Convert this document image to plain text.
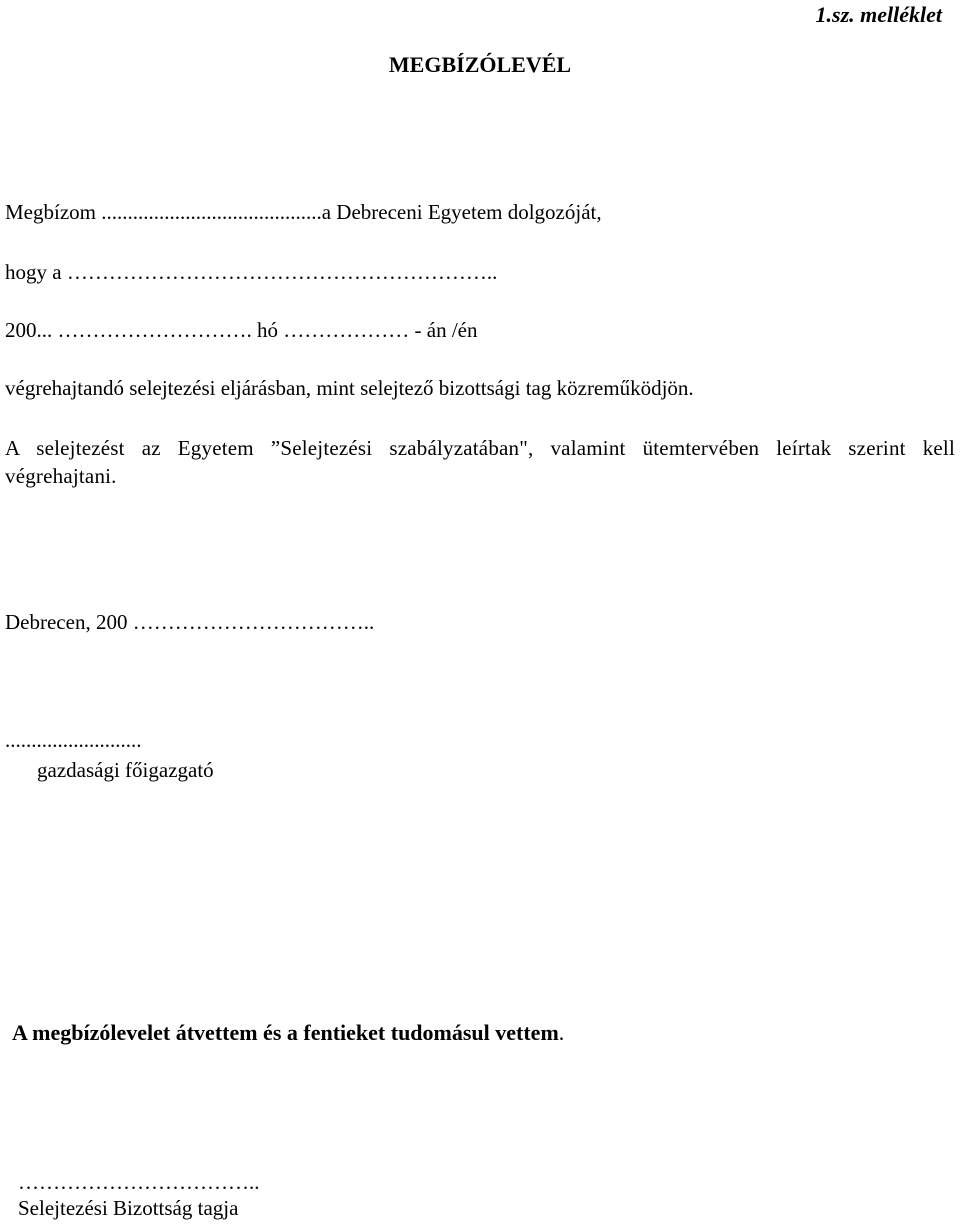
1.sz. melléklet
MEGBÍZÓLEVÉL
Megbízom ..........................................a Debreceni Egyetem dolgozóját,
hogy a ……………………………………………………..
200... ………………………. hó ……………… - án /én
végrehajtandó selejtezési eljárásban, mint selejtező bizottsági tag közreműködjön.
A selejtezést az Egyetem ”Selejtezési szabályzatában", valamint ütemtervében leírtak szerint kell végrehajtani.
Debrecen, 200 ……………………………..
..........................
gazdasági főigazgató
A megbízólevelet átvettem és a fentieket tudomásul vettem.
……………………………..
Selejtezési Bizottság tagja
